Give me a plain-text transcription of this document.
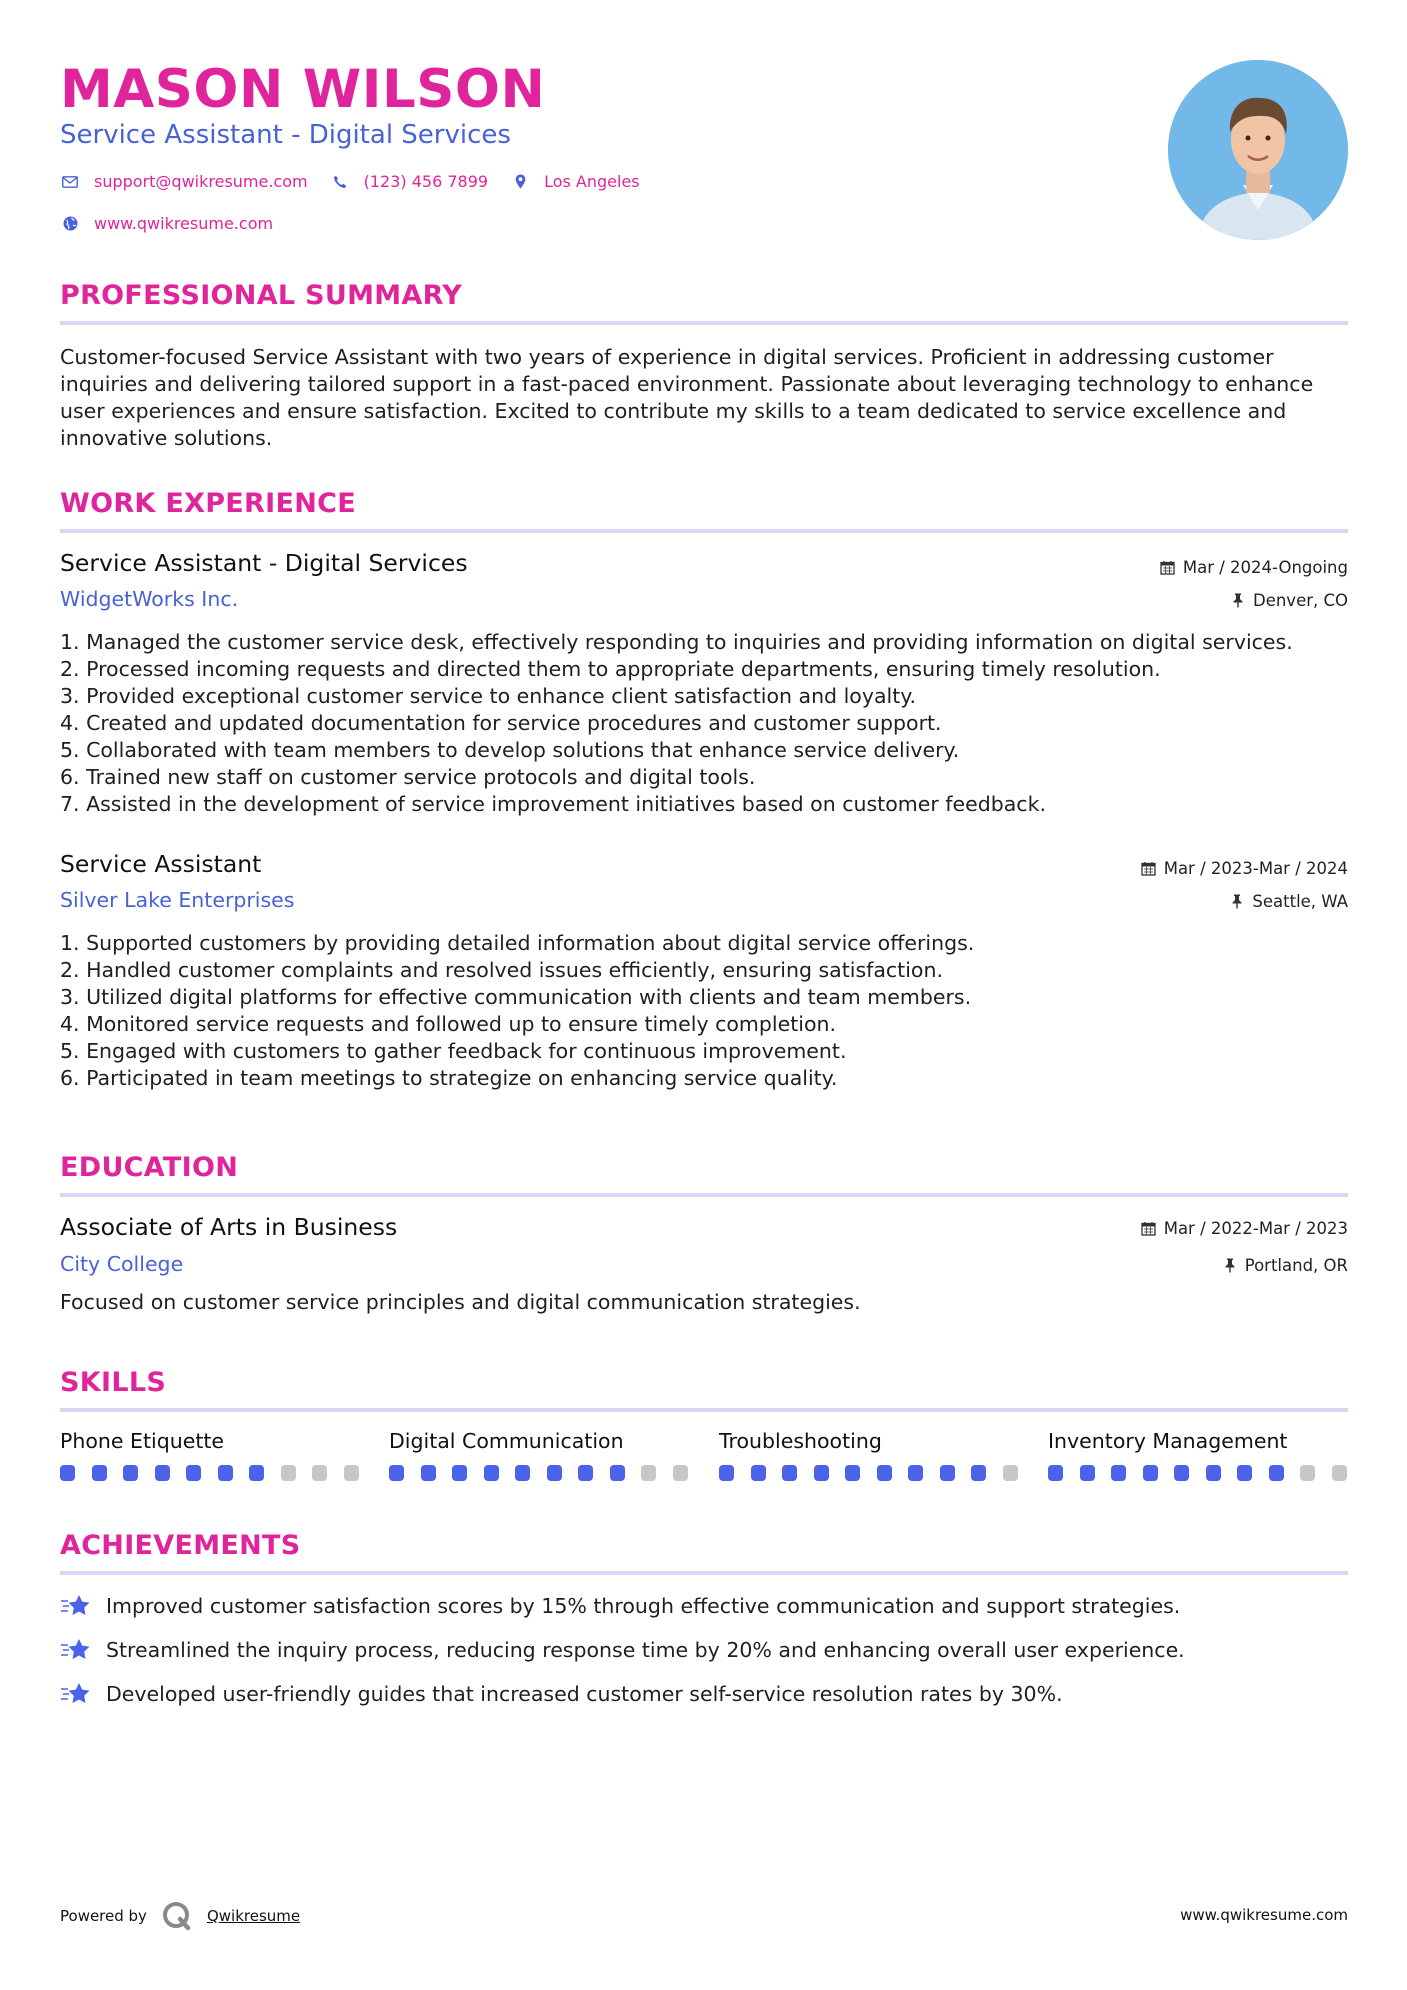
MASON WILSON
Service Assistant - Digital Services
support@qwikresume.com	(123) 456 7899	Los Angeles
www.qwikresume.com
PROFESSIONAL SUMMARY
Customer-focused Service Assistant with two years of experience in digital services. Proficient in addressing customer inquiries and delivering tailored support in a fast-paced environment. Passionate about leveraging technology to enhance user experiences and ensure satisfaction. Excited to contribute my skills to a team dedicated to service excellence and innovative solutions.
WORK EXPERIENCE
Service Assistant - Digital Services	Mar / 2024-Ongoing
WidgetWorks Inc.	Denver, CO
1. Managed the customer service desk, effectively responding to inquiries and providing information on digital services.
2. Processed incoming requests and directed them to appropriate departments, ensuring timely resolution.
3. Provided exceptional customer service to enhance client satisfaction and loyalty.
4. Created and updated documentation for service procedures and customer support.
5. Collaborated with team members to develop solutions that enhance service delivery.
6. Trained new staff on customer service protocols and digital tools.
7. Assisted in the development of service improvement initiatives based on customer feedback.
Service Assistant	Mar / 2023-Mar / 2024
Silver Lake Enterprises	Seattle, WA
1. Supported customers by providing detailed information about digital service offerings.
2. Handled customer complaints and resolved issues efficiently, ensuring satisfaction.
3. Utilized digital platforms for effective communication with clients and team members.
4. Monitored service requests and followed up to ensure timely completion.
5. Engaged with customers to gather feedback for continuous improvement.
6. Participated in team meetings to strategize on enhancing service quality.
EDUCATION
Associate of Arts in Business	Mar / 2022-Mar / 2023
City College	Portland, OR
Focused on customer service principles and digital communication strategies.
SKILLS
Phone Etiquette	Digital Communication	Troubleshooting	Inventory Management
ACHIEVEMENTS
Improved customer satisfaction scores by 15% through effective communication and support strategies.
Streamlined the inquiry process, reducing response time by 20% and enhancing overall user experience.
Developed user-friendly guides that increased customer self-service resolution rates by 30%.
Powered by	Qwikresume	www.qwikresume.com
